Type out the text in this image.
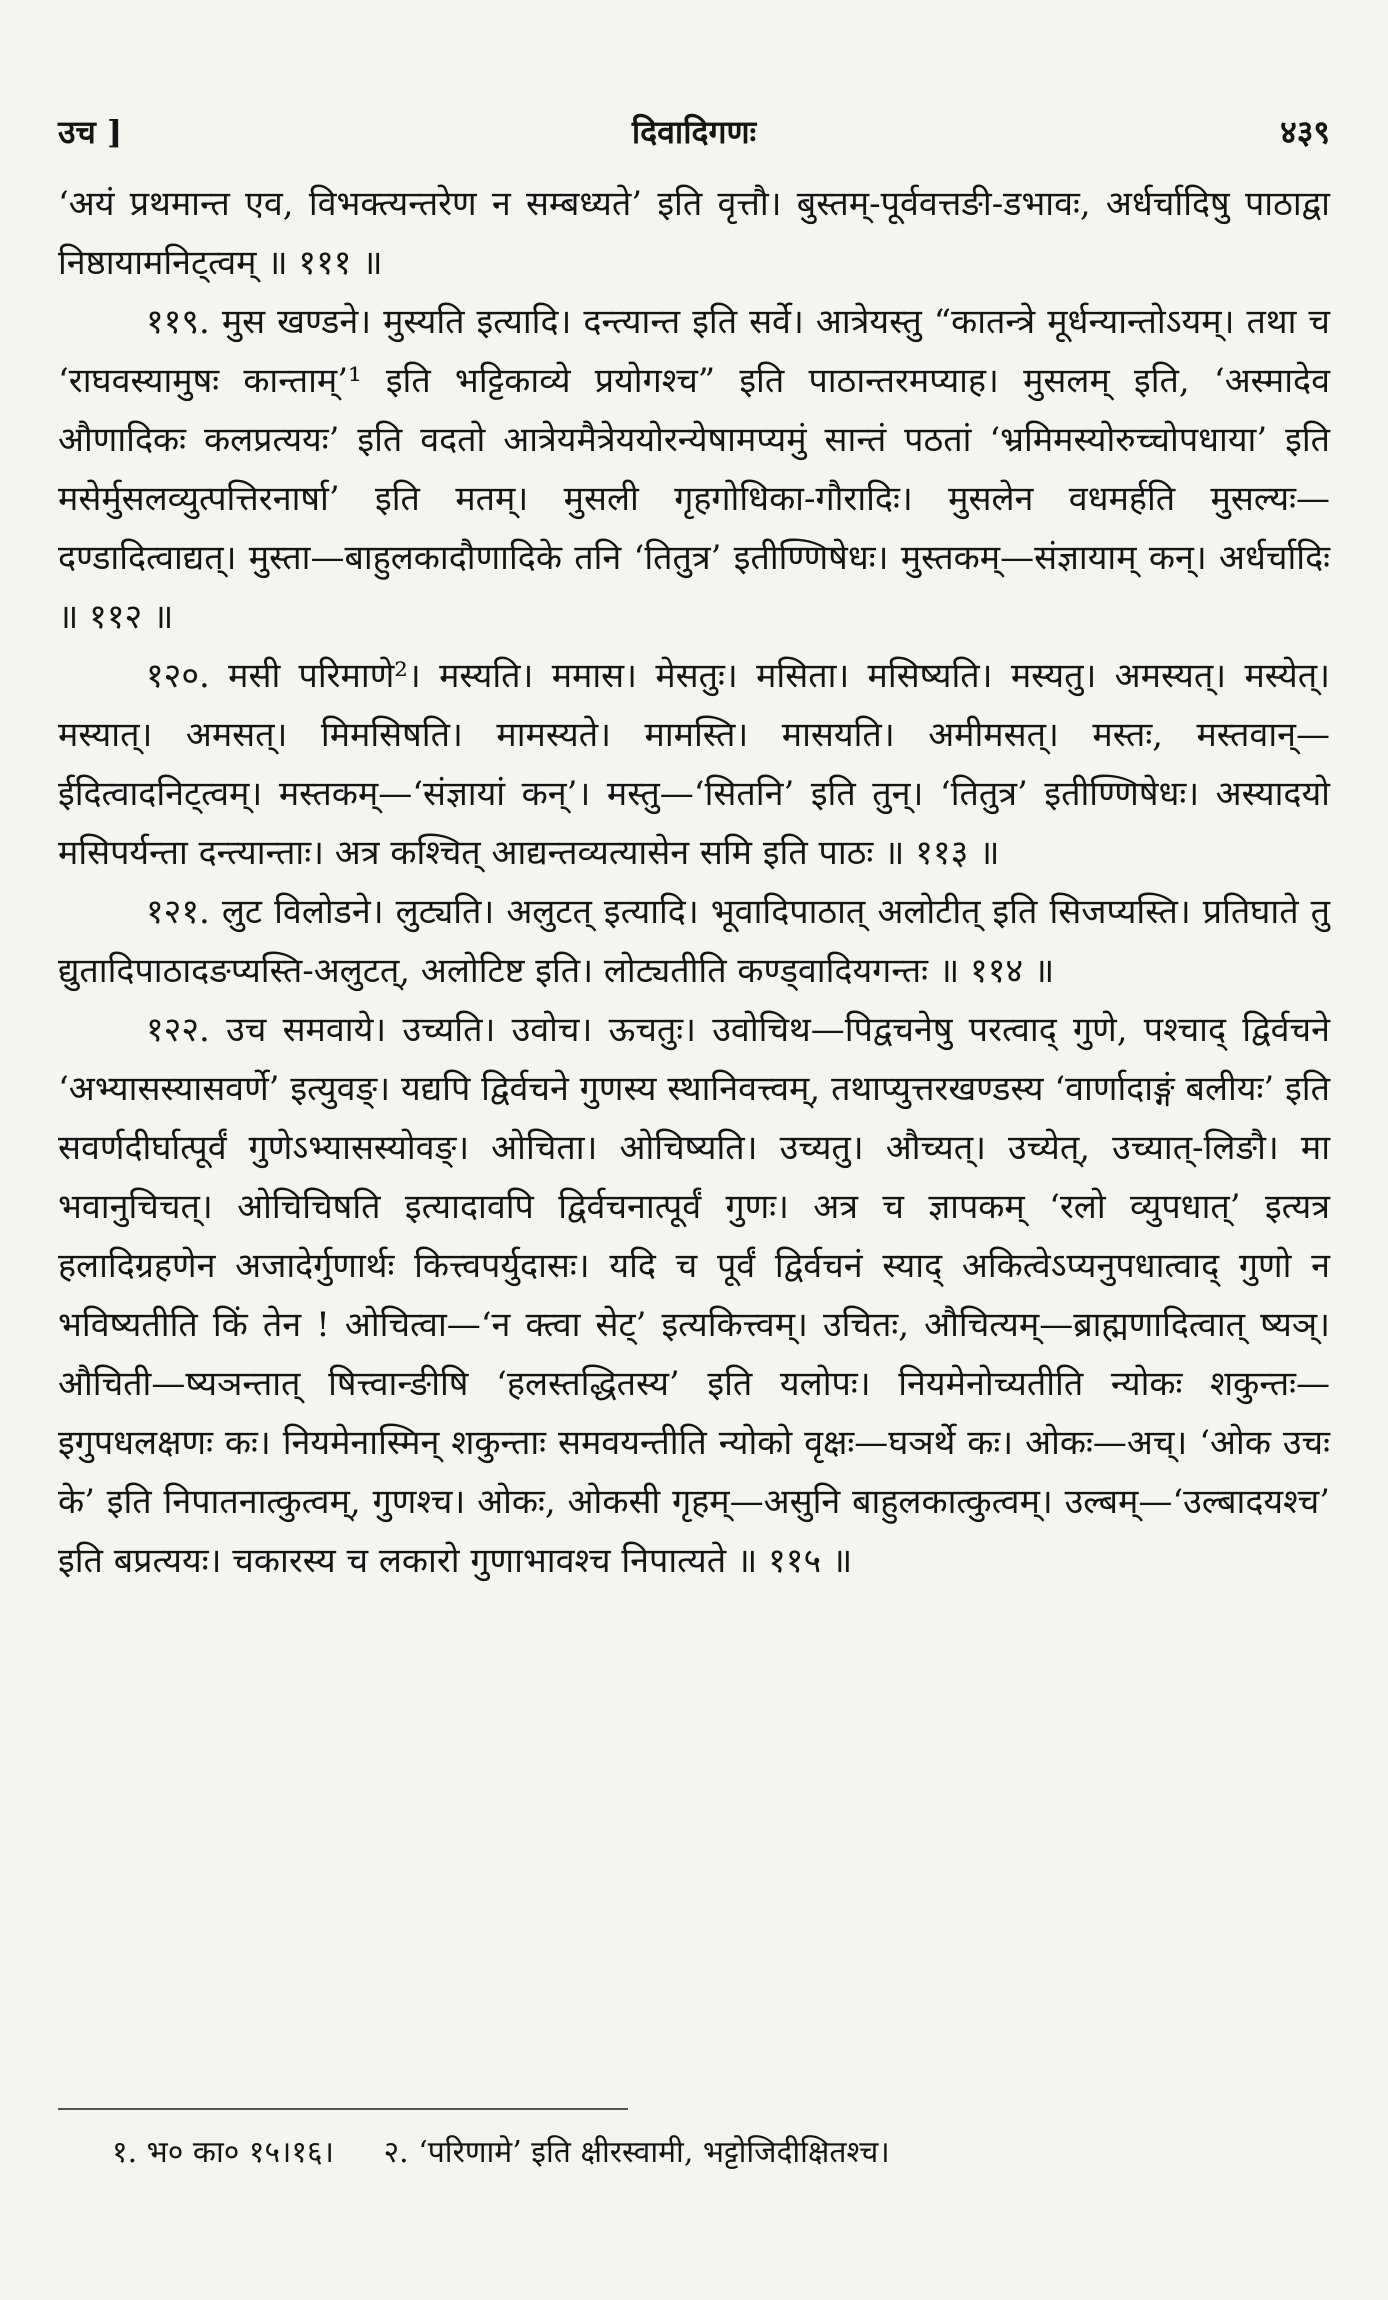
उच ]	दिवादिगणः	४३९

‘अयं प्रथमान्त एव, विभक्त्यन्तरेण न सम्बध्यते’ इति वृत्तौ। बुस्तम्-पूर्ववत्तङी-डभावः, अर्धर्चादिषु पाठाद्वा निष्ठायामनिट्त्वम् ॥ १११ ॥

११९. मुस खण्डने। मुस्यति इत्यादि। दन्त्यान्त इति सर्वे। आत्रेयस्तु “कातन्त्रे मूर्धन्यान्तोऽयम्। तथा च ‘राघवस्यामुषः कान्ताम्’¹ इति भट्टिकाव्ये प्रयोगश्च” इति पाठान्तरमप्याह। मुसलम् इति, ‘अस्मादेव औणादिकः कलप्रत्ययः’ इति वदतो आत्रेयमैत्रेययोरन्येषामप्यमुं सान्तं पठतां ‘भ्रमिमस्योरुच्चोपधाया’ इति मसेर्मुसलव्युत्पत्तिरनार्षा’ इति मतम्। मुसली गृहगोधिका-गौरादिः। मुसलेन वधमर्हति मुसल्यः—दण्डादित्वाद्यत्। मुस्ता—बाहुलकादौणादिके तनि ‘तितुत्र’ इतीण्णिषेधः। मुस्तकम्—संज्ञायाम् कन्। अर्धर्चादिः ॥ ११२ ॥

१२०. मसी परिमाणे²। मस्यति। ममास। मेसतुः। मसिता। मसिष्यति। मस्यतु। अमस्यत्। मस्येत्। मस्यात्। अमसत्। मिमसिषति। मामस्यते। मामस्ति। मासयति। अमीमसत्। मस्तः, मस्तवान्—ईदित्वादनिट्त्वम्। मस्तकम्—‘संज्ञायां कन्’। मस्तु—‘सितनि’ इति तुन्। ‘तितुत्र’ इतीण्णिषेधः। अस्यादयो मसिपर्यन्ता दन्त्यान्ताः। अत्र कश्चित् आद्यन्तव्यत्यासेन समि इति पाठः ॥ ११३ ॥

१२१. लुट विलोडने। लुट्यति। अलुटत् इत्यादि। भूवादिपाठात् अलोटीत् इति सिजप्यस्ति। प्रतिघाते तु द्युतादिपाठादङप्यस्ति-अलुटत्, अलोटिष्ट इति। लोट्यतीति कण्ड्वादियगन्तः ॥ ११४ ॥

१२२. उच समवाये। उच्यति। उवोच। ऊचतुः। उवोचिथ—पिद्वचनेषु परत्वाद् गुणे, पश्चाद् द्विर्वचने ‘अभ्यासस्यासवर्णे’ इत्युवङ्। यद्यपि द्विर्वचने गुणस्य स्थानिवत्त्वम्, तथाप्युत्तरखण्डस्य ‘वार्णादाङ्गं बलीयः’ इति सवर्णदीर्घात्पूर्वं गुणेऽभ्यासस्योवङ्। ओचिता। ओचिष्यति। उच्यतु। औच्यत्। उच्येत्, उच्यात्-लिङौ। मा भवानुचिचत्। ओचिचिषति इत्यादावपि द्विर्वचनात्पूर्वं गुणः। अत्र च ज्ञापकम् ‘रलो व्युपधात्’ इत्यत्र हलादिग्रहणेन अजादेर्गुणार्थः कित्त्वपर्युदासः। यदि च पूर्वं द्विर्वचनं स्याद् अकित्वेऽप्यनुपधात्वाद् गुणो न भविष्यतीति किं तेन ! ओचित्वा—‘न क्त्वा सेट्’ इत्यकित्त्वम्। उचितः, औचित्यम्—ब्राह्मणादित्वात् ष्यञ्। औचिती—ष्यञन्तात् षित्त्वान्ङीषि ‘हलस्तद्धितस्य’ इति यलोपः। नियमेनोच्यतीति न्योकः शकुन्तः—इगुपधलक्षणः कः। नियमेनास्मिन् शकुन्ताः समवयन्तीति न्योको वृक्षः—घञर्थे कः। ओकः—अच्। ‘ओक उचः के’ इति निपातनात्कुत्वम्, गुणश्च। ओकः, ओकसी गृहम्—असुनि बाहुलकात्कुत्वम्। उल्बम्—‘उल्बादयश्च’ इति बप्रत्ययः। चकारस्य च लकारो गुणाभावश्च निपात्यते ॥ ११५ ॥

१. भ० का० १५।१६। २. ‘परिणामे’ इति क्षीरस्वामी, भट्टोजिदीक्षितश्च।
